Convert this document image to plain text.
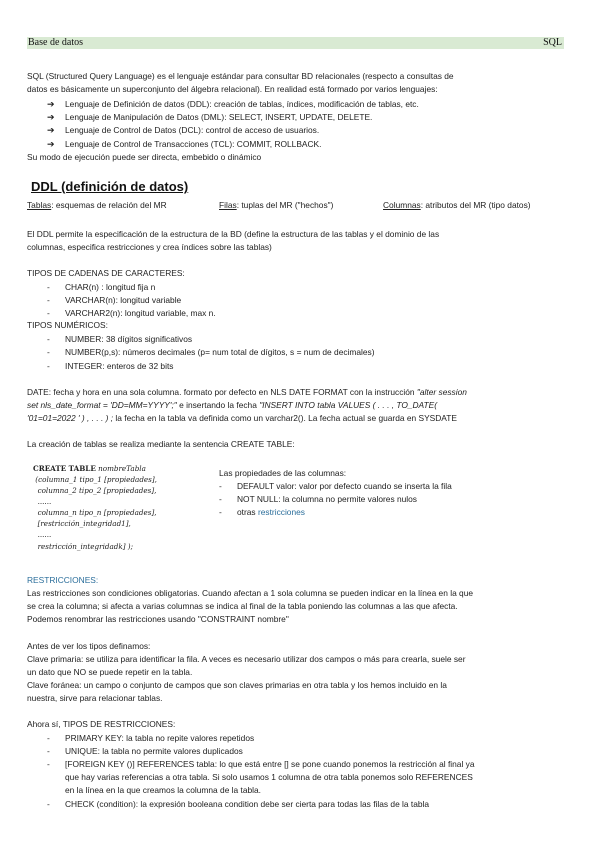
Base de datos	SQL
SQL (Structured Query Language) es el lenguaje estándar para consultar BD relacionales (respecto a consultas de
datos es básicamente un superconjunto del álgebra relacional). En realidad está formado por varios lenguajes:
➔ Lenguaje de Definición de datos (DDL): creación de tablas, índices, modificación de tablas, etc.
➔ Lenguaje de Manipulación de Datos (DML): SELECT, INSERT, UPDATE, DELETE.
➔ Lenguaje de Control de Datos (DCL): control de acceso de usuarios.
➔ Lenguaje de Control de Transacciones (TCL): COMMIT, ROLLBACK.
Su modo de ejecución puede ser directa, embebido o dinámico
DDL (definición de datos)
Tablas: esquemas de relación del MR	Filas: tuplas del MR ("hechos")	Columnas: atributos del MR (tipo datos)
El DDL permite la especificación de la estructura de la BD (define la estructura de las tablas y el dominio de las
columnas, especifica restricciones y crea índices sobre las tablas)
TIPOS DE CADENAS DE CARACTERES:
- CHAR(n) : longitud fija n
- VARCHAR(n): longitud variable
- VARCHAR2(n): longitud variable, max n.
TIPOS NUMÉRICOS:
- NUMBER: 38 dígitos significativos
- NUMBER(p,s): números decimales (p= num total de dígitos, s = num de decimales)
- INTEGER: enteros de 32 bits
DATE: fecha y hora en una sola columna. formato por defecto en NLS DATE FORMAT con la instrucción "alter session
set nls_date_format = 'DD=MM=YYYY';" e insertando la fecha "INSERT INTO tabla VALUES ( . . . , TO_DATE(
'01=01=2022 ' ) , . . . ) ; la fecha en la tabla va definida como un varchar2(). La fecha actual se guarda en SYSDATE
La creación de tablas se realiza mediante la sentencia CREATE TABLE:
CREATE TABLE nombreTabla
(columna_1 tipo_1 [propiedades],
columna_2 tipo_2 [propiedades],
......
columna_n tipo_n [propiedades],
[restricción_integridad1],
......
restricción_integridadk] );
Las propiedades de las columnas:
- DEFAULT valor: valor por defecto cuando se inserta la fila
- NOT NULL: la columna no permite valores nulos
- otras restricciones
RESTRICCIONES:
Las restricciones son condiciones obligatorias. Cuando afectan a 1 sola columna se pueden indicar en la línea en la que
se crea la columna; si afecta a varias columnas se indica al final de la tabla poniendo las columnas a las que afecta.
Podemos renombrar las restricciones usando "CONSTRAINT nombre"
Antes de ver los tipos definamos:
Clave primaria: se utiliza para identificar la fila. A veces es necesario utilizar dos campos o más para crearla, suele ser
un dato que NO se puede repetir en la tabla.
Clave foránea: un campo o conjunto de campos que son claves primarias en otra tabla y los hemos incluido en la
nuestra, sirve para relacionar tablas.
Ahora sí, TIPOS DE RESTRICCIONES:
- PRIMARY KEY: la tabla no repite valores repetidos
- UNIQUE: la tabla no permite valores duplicados
- [FOREIGN KEY ()] REFERENCES tabla: lo que está entre [] se pone cuando ponemos la restricción al final ya
que hay varias referencias a otra tabla. Si solo usamos 1 columna de otra tabla ponemos solo REFERENCES
en la línea en la que creamos la columna de la tabla.
- CHECK (condition): la expresión booleana condition debe ser cierta para todas las filas de la tabla
